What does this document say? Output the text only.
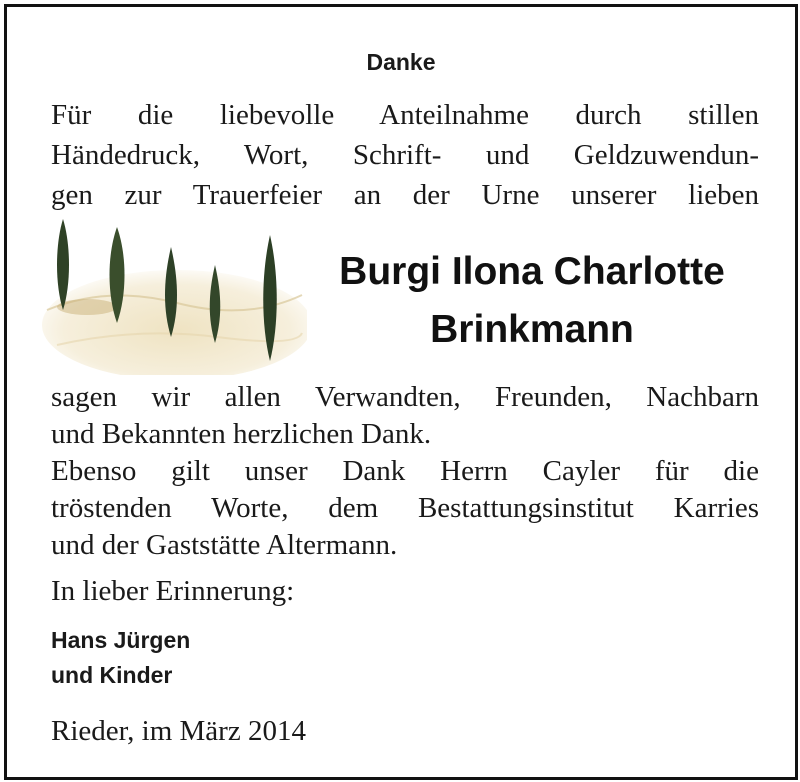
Danke
Für die liebevolle Anteilnahme durch stillen
Händedruck, Wort, Schrift- und Geldzuwendun-
gen zur Trauerfeier an der Urne unserer lieben
Burgi Ilona Charlotte
Brinkmann
sagen wir allen Verwandten, Freunden, Nachbarn
und Bekannten herzlichen Dank.
Ebenso gilt unser Dank Herrn Cayler für die
tröstenden Worte, dem Bestattungsinstitut Karries
und der Gaststätte Altermann.
In lieber Erinnerung:
Hans Jürgen
und Kinder
Rieder, im März 2014
